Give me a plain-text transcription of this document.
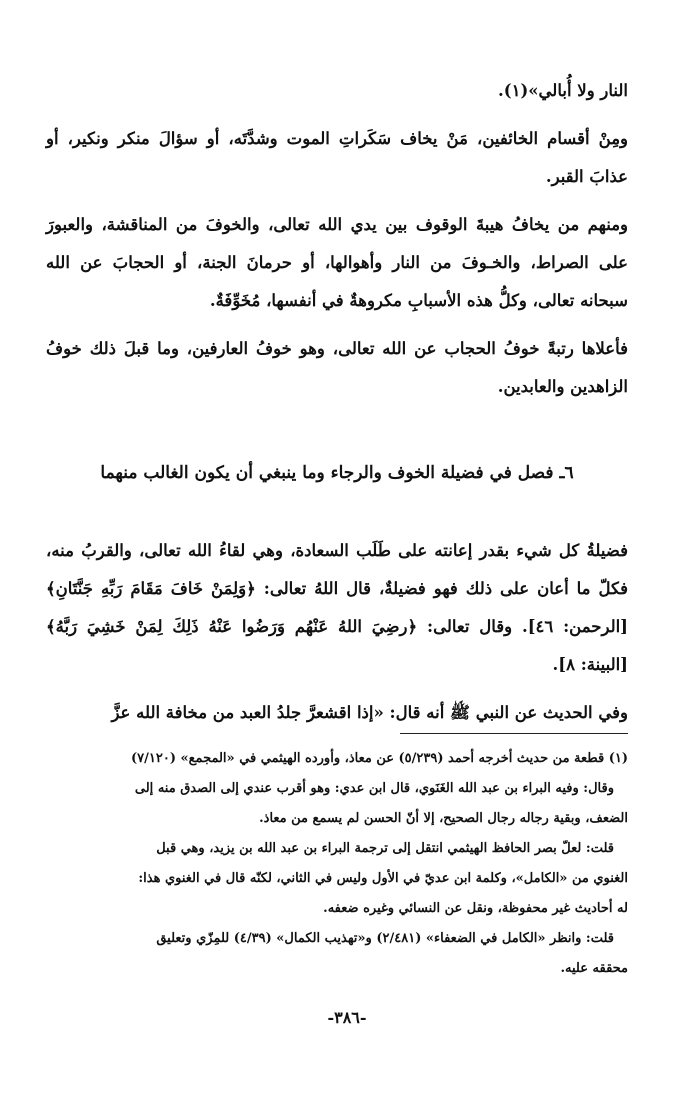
النار ولا أُبالي»(١).

ومِنْ أقسام الخائفين، مَنْ يخاف سَكَراتِ الموت وشدَّتَه، أو سؤالَ منكر ونكير، أو عذابَ القبر.

ومنهم من يخافُ هيبةَ الوقوف بين يدي الله تعالى، والخوفَ من المناقشة، والعبورَ على الصراط، والخـوفَ من النار وأهوالها، أو حرمانَ الجنة، أو الحجابَ عن الله سبحانه تعالى، وكلُّ هذه الأسبابِ مكروهةٌ في أنفسها، مُخَوِّفَةٌ.

فأعلاها رتبةً خوفُ الحجاب عن الله تعالى، وهو خوفُ العارفين، وما قبلَ ذلك خوفُ الزاهدين والعابدين.

٦ـ فصل في فضيلة الخوف والرجاء وما ينبغي أن يكون الغالب منهما

فضيلةُ كل شيء بقدر إعانته على طَلَب السعادة، وهي لقاءُ الله تعالى، والقربُ منه، فكلّ ما أعان على ذلك فهو فضيلةٌ، قال اللهُ تعالى: ﴿وَلِمَنْ خَافَ مَقَامَ رَبِّهِ جَنَّتَانِ﴾ [الرحمن: ٤٦]. وقال تعالى: ﴿رضِيَ اللهُ عَنْهُم وَرَضُوا عَنْهُ ذَلِكَ لِمَنْ خَشِيَ رَبَّهُ﴾ [البينة: ٨].

وفي الحديث عن النبي ﷺ أنه قال: «إذا اقشعرَّ جلدُ العبد من مخافة الله عزَّ

(١) قطعة من حديث أخرجه أحمد (٥/٢٣٩) عن معاذ، وأورده الهيثمي في «المجمع» (٧/١٢٠)

وقال: وفيه البراء بن عبد الله الغَنَوي، قال ابن عدي: وهو أقرب عندي إلى الصدق منه إلى

الضعف، وبقية رجاله رجال الصحيح، إلا أنّ الحسن لم يسمع من معاذ.

قلت: لعلّ بصر الحافظ الهيثمي انتقل إلى ترجمة البراء بن عبد الله بن يزيد، وهي قبل

الغنوي من «الكامل»، وكلمة ابن عديّ في الأول وليس في الثاني، لكنّه قال في الغنوي هذا:

له أحاديث غير محفوظة، ونقل عن النسائي وغيره ضعفه.

قلت: وانظر «الكامل في الضعفاء» (٢/٤٨١) و«تهذيب الكمال» (٤/٣٩) للمِزّي وتعليق

محققه عليه.

-٣٨٦-
